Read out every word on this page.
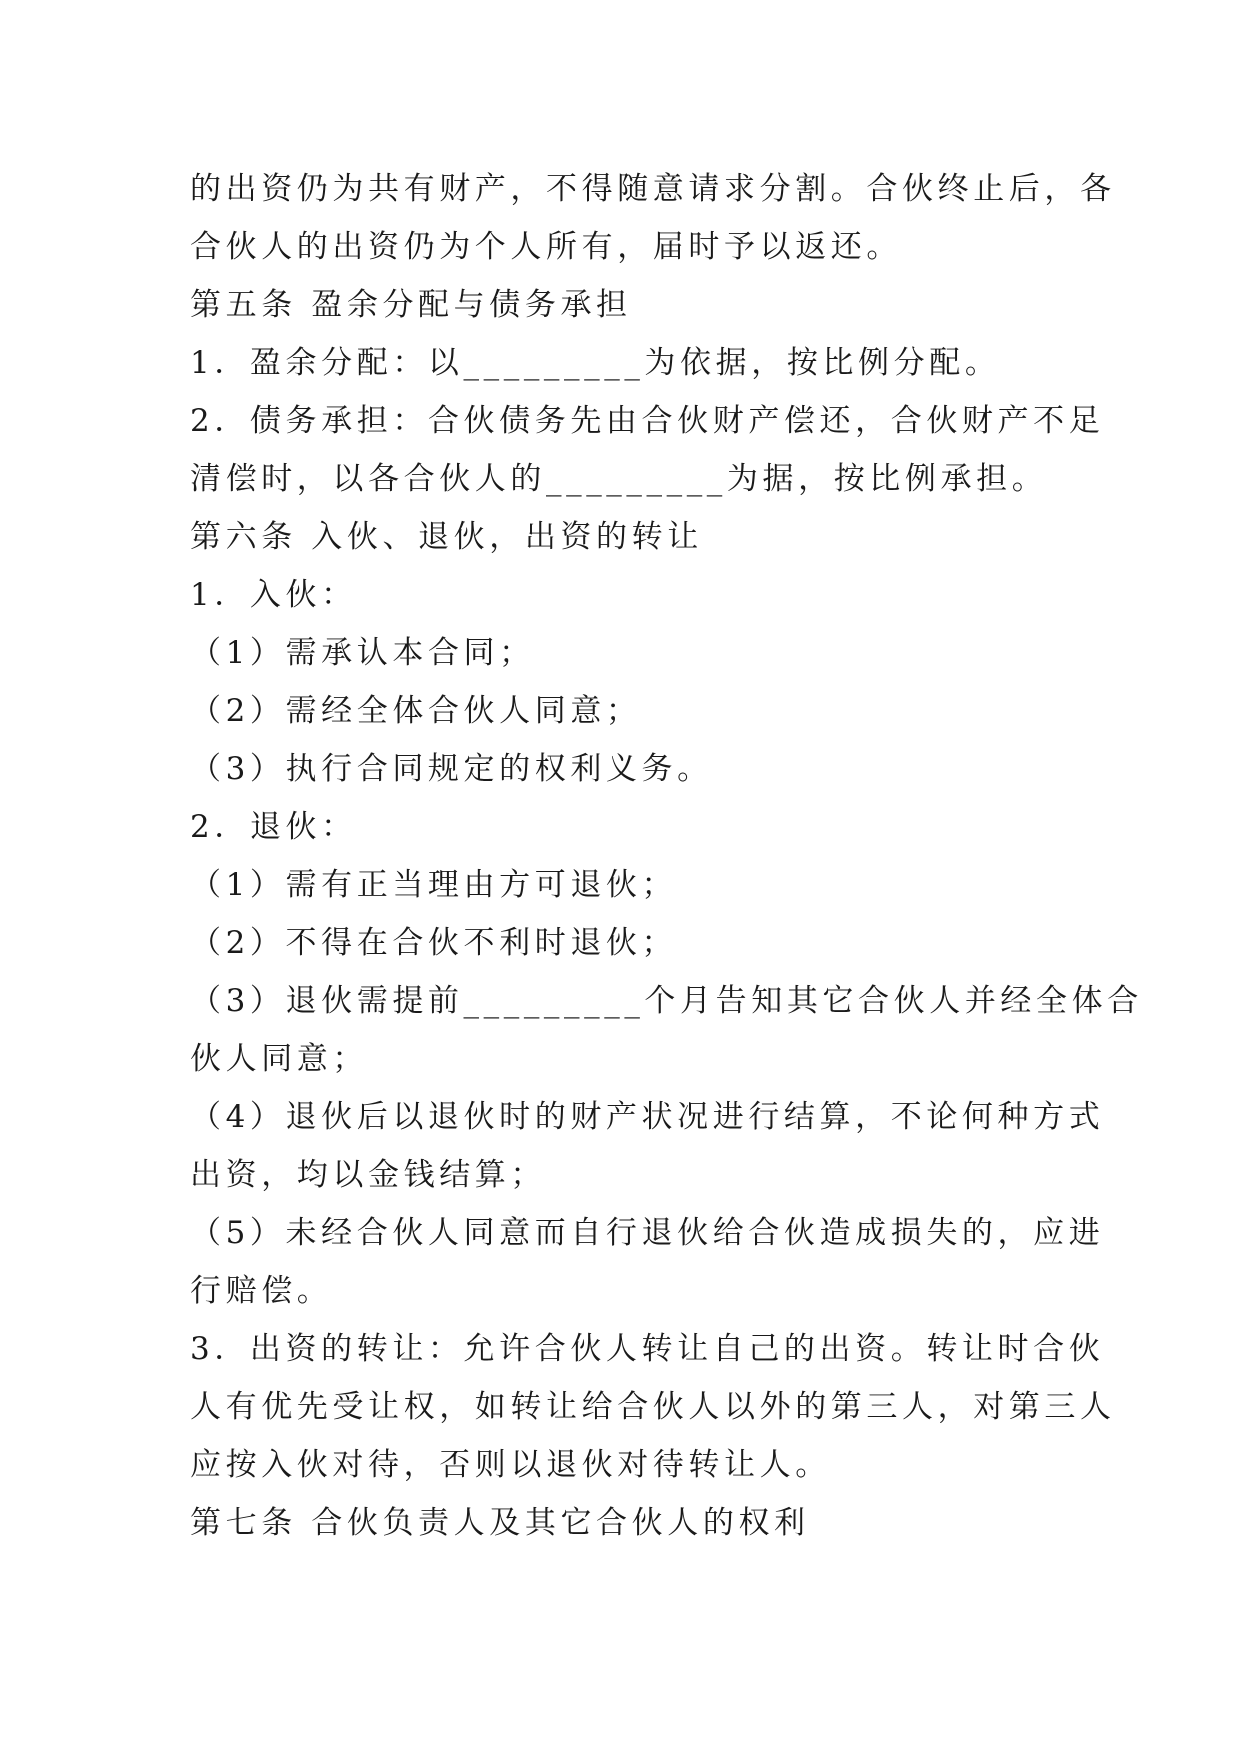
的出资仍为共有财产，不得随意请求分割。合伙终止后，各
合伙人的出资仍为个人所有，届时予以返还。
第五条 盈余分配与债务承担
1．盈余分配：以_________为依据，按比例分配。
2．债务承担：合伙债务先由合伙财产偿还，合伙财产不足
清偿时，以各合伙人的_________为据，按比例承担。
第六条 入伙、退伙，出资的转让
1．入伙：
（1）需承认本合同；
（2）需经全体合伙人同意；
（3）执行合同规定的权利义务。
2．退伙：
（1）需有正当理由方可退伙；
（2）不得在合伙不利时退伙；
（3）退伙需提前_________个月告知其它合伙人并经全体合
伙人同意；
（4）退伙后以退伙时的财产状况进行结算，不论何种方式
出资，均以金钱结算；
（5）未经合伙人同意而自行退伙给合伙造成损失的，应进
行赔偿。
3．出资的转让：允许合伙人转让自己的出资。转让时合伙
人有优先受让权，如转让给合伙人以外的第三人，对第三人
应按入伙对待，否则以退伙对待转让人。
第七条 合伙负责人及其它合伙人的权利
